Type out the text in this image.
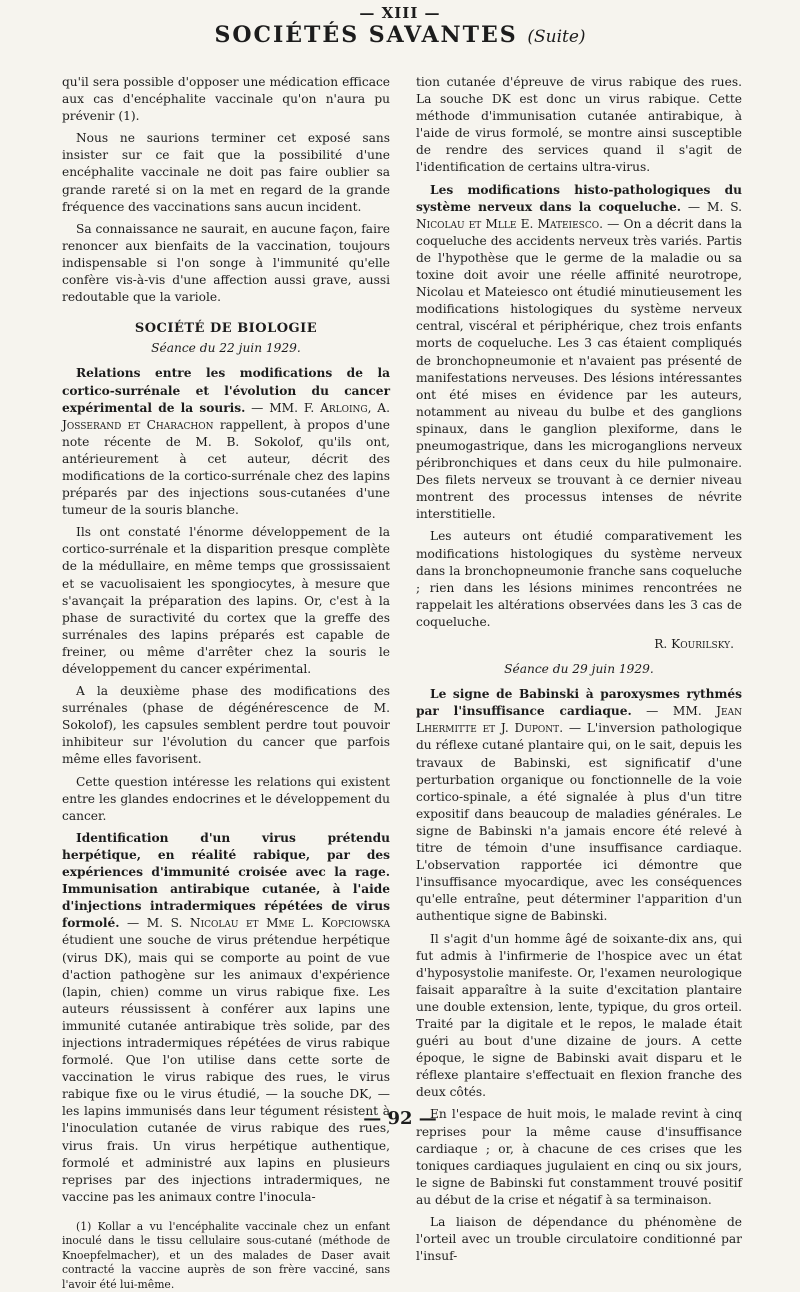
— XIII —
SOCIÉTÉS SAVANTES (Suite)

qu'il sera possible d'opposer une médication efficace aux cas d'encéphalite vaccinale qu'on n'aura pu prévenir (1).

Nous ne saurions terminer cet exposé sans insister sur ce fait que la possibilité d'une encéphalite vaccinale ne doit pas faire oublier sa grande rareté si on la met en regard de la grande fréquence des vaccinations sans aucun incident.

Sa connaissance ne saurait, en aucune façon, faire renoncer aux bienfaits de la vaccination, toujours indispensable si l'on songe à l'immunité qu'elle confère vis-à-vis d'une affection aussi grave, aussi redoutable que la variole.

SOCIÉTÉ DE BIOLOGIE
Séance du 22 juin 1929.

Relations entre les modifications de la cortico-surrénale et l'évolution du cancer expérimental de la souris. — MM. F. Arloing, A. Josserand et Charachon rappellent, à propos d'une note récente de M. B. Sokolof, qu'ils ont, antérieurement à cet auteur, décrit des modifications de la cortico-surrénale chez des lapins préparés par des injections sous-cutanées d'une tumeur de la souris blanche.

Ils ont constaté l'énorme développement de la cortico-surrénale et la disparition presque complète de la médullaire, en même temps que grossissaient et se vacuolisaient les spongiocytes, à mesure que s'avançait la préparation des lapins. Or, c'est à la phase de suractivité du cortex que la greffe des surrénales des lapins préparés est capable de freiner, ou même d'arrêter chez la souris le développement du cancer expérimental.

A la deuxième phase des modifications des surrénales (phase de dégénérescence de M. Sokolof), les capsules semblent perdre tout pouvoir inhibiteur sur l'évolution du cancer que parfois même elles favorisent.

Cette question intéresse les relations qui existent entre les glandes endocrines et le développement du cancer.

Identification d'un virus prétendu herpétique, en réalité rabique, par des expériences d'immunité croisée avec la rage. Immunisation antirabique cutanée, à l'aide d'injections intradermiques répétées de virus formolé. — M. S. Nicolau et Mme L. Kopciowska étudient une souche de virus prétendue herpétique (virus DK), mais qui se comporte au point de vue d'action pathogène sur les animaux d'expérience (lapin, chien) comme un virus rabique fixe. Les auteurs réussissent à conférer aux lapins une immunité cutanée antirabique très solide, par des injections intradermiques répétées de virus rabique formolé. Que l'on utilise dans cette sorte de vaccination le virus rabique des rues, le virus rabique fixe ou le virus étudié, — la souche DK, — les lapins immunisés dans leur tégument résistent à l'inoculation cutanée de virus rabique des rues, virus frais. Un virus herpétique authentique, formolé et administré aux lapins en plusieurs reprises par des injections intradermiques, ne vaccine pas les animaux contre l'inocula-

(1) Kollar a vu l'encéphalite vaccinale chez un enfant inoculé dans le tissu cellulaire sous-cutané (méthode de Knoepfelmacher), et un des malades de Daser avait contracté la vaccine auprès de son frère vacciné, sans l'avoir été lui-même.

tion cutanée d'épreuve de virus rabique des rues. La souche DK est donc un virus rabique. Cette méthode d'immunisation cutanée antirabique, à l'aide de virus formolé, se montre ainsi susceptible de rendre des services quand il s'agit de l'identification de certains ultra-virus.

Les modifications histo-pathologiques du système nerveux dans la coqueluche. — M. S. Nicolau et Mlle E. Mateiesco. — On a décrit dans la coqueluche des accidents nerveux très variés. Partis de l'hypothèse que le germe de la maladie ou sa toxine doit avoir une réelle affinité neurotrope, Nicolau et Mateiesco ont étudié minutieusement les modifications histologiques du système nerveux central, viscéral et périphérique, chez trois enfants morts de coqueluche. Les 3 cas étaient compliqués de bronchopneumonie et n'avaient pas présenté de manifestations nerveuses. Des lésions intéressantes ont été mises en évidence par les auteurs, notamment au niveau du bulbe et des ganglions spinaux, dans le ganglion plexiforme, dans le pneumogastrique, dans les microganglions nerveux péribronchiques et dans ceux du hile pulmonaire. Des filets nerveux se trouvant à ce dernier niveau montrent des processus intenses de névrite interstitielle.

Les auteurs ont étudié comparativement les modifications histologiques du système nerveux dans la bronchopneumonie franche sans coqueluche ; rien dans les lésions minimes rencontrées ne rappelait les altérations observées dans les 3 cas de coqueluche.

R. Kourilsky.
Séance du 29 juin 1929.

Le signe de Babinski à paroxysmes rythmés par l'insuffisance cardiaque. — MM. Jean Lhermitte et J. Dupont. — L'inversion pathologique du réflexe cutané plantaire qui, on le sait, depuis les travaux de Babinski, est significatif d'une perturbation organique ou fonctionnelle de la voie cortico-spinale, a été signalée à plus d'un titre expositif dans beaucoup de maladies générales. Le signe de Babinski n'a jamais encore été relevé à titre de témoin d'une insuffisance cardiaque. L'observation rapportée ici démontre que l'insuffisance myocardique, avec les conséquences qu'elle entraîne, peut déterminer l'apparition d'un authentique signe de Babinski.

Il s'agit d'un homme âgé de soixante-dix ans, qui fut admis à l'infirmerie de l'hospice avec un état d'hyposystolie manifeste. Or, l'examen neurologique faisait apparaître à la suite d'excitation plantaire une double extension, lente, typique, du gros orteil. Traité par la digitale et le repos, le malade était guéri au bout d'une dizaine de jours. A cette époque, le signe de Babinski avait disparu et le réflexe plantaire s'effectuait en flexion franche des deux côtés.

En l'espace de huit mois, le malade revint à cinq reprises pour la même cause d'insuffisance cardiaque ; or, à chacune de ces crises que les toniques cardiaques jugulaient en cinq ou six jours, le signe de Babinski fut constamment trouvé positif au début de la crise et négatif à sa terminaison.

La liaison de dépendance du phénomène de l'orteil avec un trouble circulatoire conditionné par l'insuf-

— 92 —
